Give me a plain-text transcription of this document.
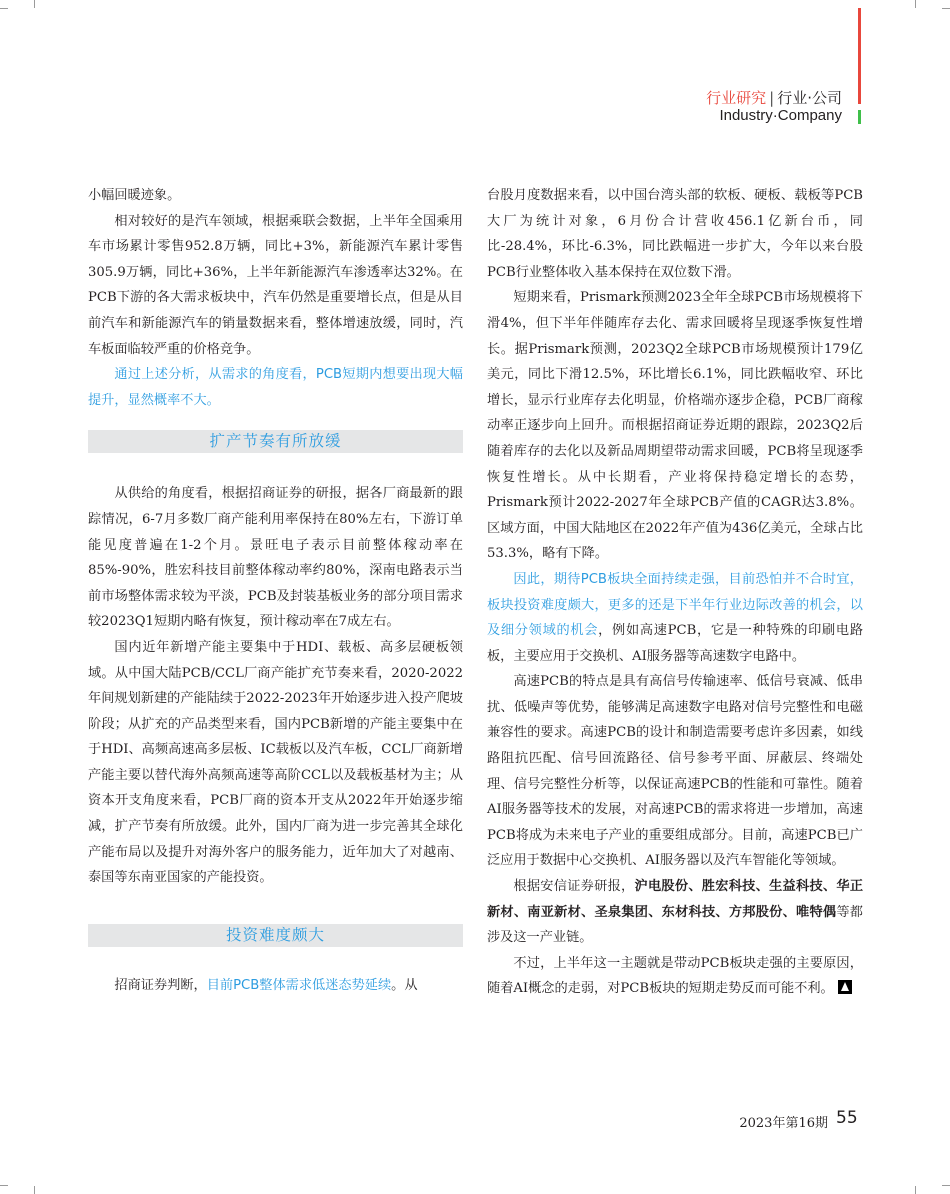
行业研究 | 行业·公司
Industry·Company

小幅回暖迹象。

相对较好的是汽车领域，根据乘联会数据，上半年全国乘用车市场累计零售952.8万辆，同比+3%，新能源汽车累计零售305.9万辆，同比+36%，上半年新能源汽车渗透率达32%。在PCB下游的各大需求板块中，汽车仍然是重要增长点，但是从目前汽车和新能源汽车的销量数据来看，整体增速放缓，同时，汽车板面临较严重的价格竞争。

通过上述分析，从需求的角度看，PCB短期内想要出现大幅提升，显然概率不大。

扩产节奏有所放缓

从供给的角度看，根据招商证券的研报，据各厂商最新的跟踪情况，6-7月多数厂商产能利用率保持在80%左右，下游订单能见度普遍在1-2个月。景旺电子表示目前整体稼动率在85%-90%，胜宏科技目前整体稼动率约80%，深南电路表示当前市场整体需求较为平淡，PCB及封装基板业务的部分项目需求较2023Q1短期内略有恢复，预计稼动率在7成左右。

国内近年新增产能主要集中于HDI、载板、高多层硬板领域。从中国大陆PCB/CCL厂商产能扩充节奏来看，2020-2022年间规划新建的产能陆续于2022-2023年开始逐步进入投产爬坡阶段；从扩充的产品类型来看，国内PCB新增的产能主要集中在于HDI、高频高速高多层板、IC载板以及汽车板，CCL厂商新增产能主要以替代海外高频高速等高阶CCL以及载板基材为主；从资本开支角度来看，PCB厂商的资本开支从2022年开始逐步缩减，扩产节奏有所放缓。此外，国内厂商为进一步完善其全球化产能布局以及提升对海外客户的服务能力，近年加大了对越南、泰国等东南亚国家的产能投资。

投资难度颇大

招商证券判断，目前PCB整体需求低迷态势延续。从

台股月度数据来看，以中国台湾头部的软板、硬板、载板等PCB大厂为统计对象，6月份合计营收456.1亿新台币，同比-28.4%，环比-6.3%，同比跌幅进一步扩大，今年以来台股PCB行业整体收入基本保持在双位数下滑。

短期来看，Prismark预测2023全年全球PCB市场规模将下滑4%，但下半年伴随库存去化、需求回暖将呈现逐季恢复性增长。据Prismark预测，2023Q2全球PCB市场规模预计179亿美元，同比下滑12.5%，环比增长6.1%，同比跌幅收窄、环比增长，显示行业库存去化明显，价格端亦逐步企稳，PCB厂商稼动率正逐步向上回升。而根据招商证券近期的跟踪，2023Q2后随着库存的去化以及新品周期望带动需求回暖，PCB将呈现逐季恢复性增长。从中长期看，产业将保持稳定增长的态势，Prismark预计2022-2027年全球PCB产值的CAGR达3.8%。区域方面，中国大陆地区在2022年产值为436亿美元，全球占比53.3%，略有下降。

因此，期待PCB板块全面持续走强，目前恐怕并不合时宜，板块投资难度颇大，更多的还是下半年行业边际改善的机会，以及细分领域的机会，例如高速PCB，它是一种特殊的印刷电路板，主要应用于交换机、AI服务器等高速数字电路中。

高速PCB的特点是具有高信号传输速率、低信号衰减、低串扰、低噪声等优势，能够满足高速数字电路对信号完整性和电磁兼容性的要求。高速PCB的设计和制造需要考虑许多因素，如线路阻抗匹配、信号回流路径、信号参考平面、屏蔽层、终端处理、信号完整性分析等，以保证高速PCB的性能和可靠性。随着AI服务器等技术的发展，对高速PCB的需求将进一步增加，高速PCB将成为未来电子产业的重要组成部分。目前，高速PCB已广泛应用于数据中心交换机、AI服务器以及汽车智能化等领域。

根据安信证券研报，沪电股份、胜宏科技、生益科技、华正新材、南亚新材、圣泉集团、东材科技、方邦股份、唯特偶等都涉及这一产业链。

不过，上半年这一主题就是带动PCB板块走强的主要原因，随着AI概念的走弱，对PCB板块的短期走势反而可能不利。

2023年第16期 55
